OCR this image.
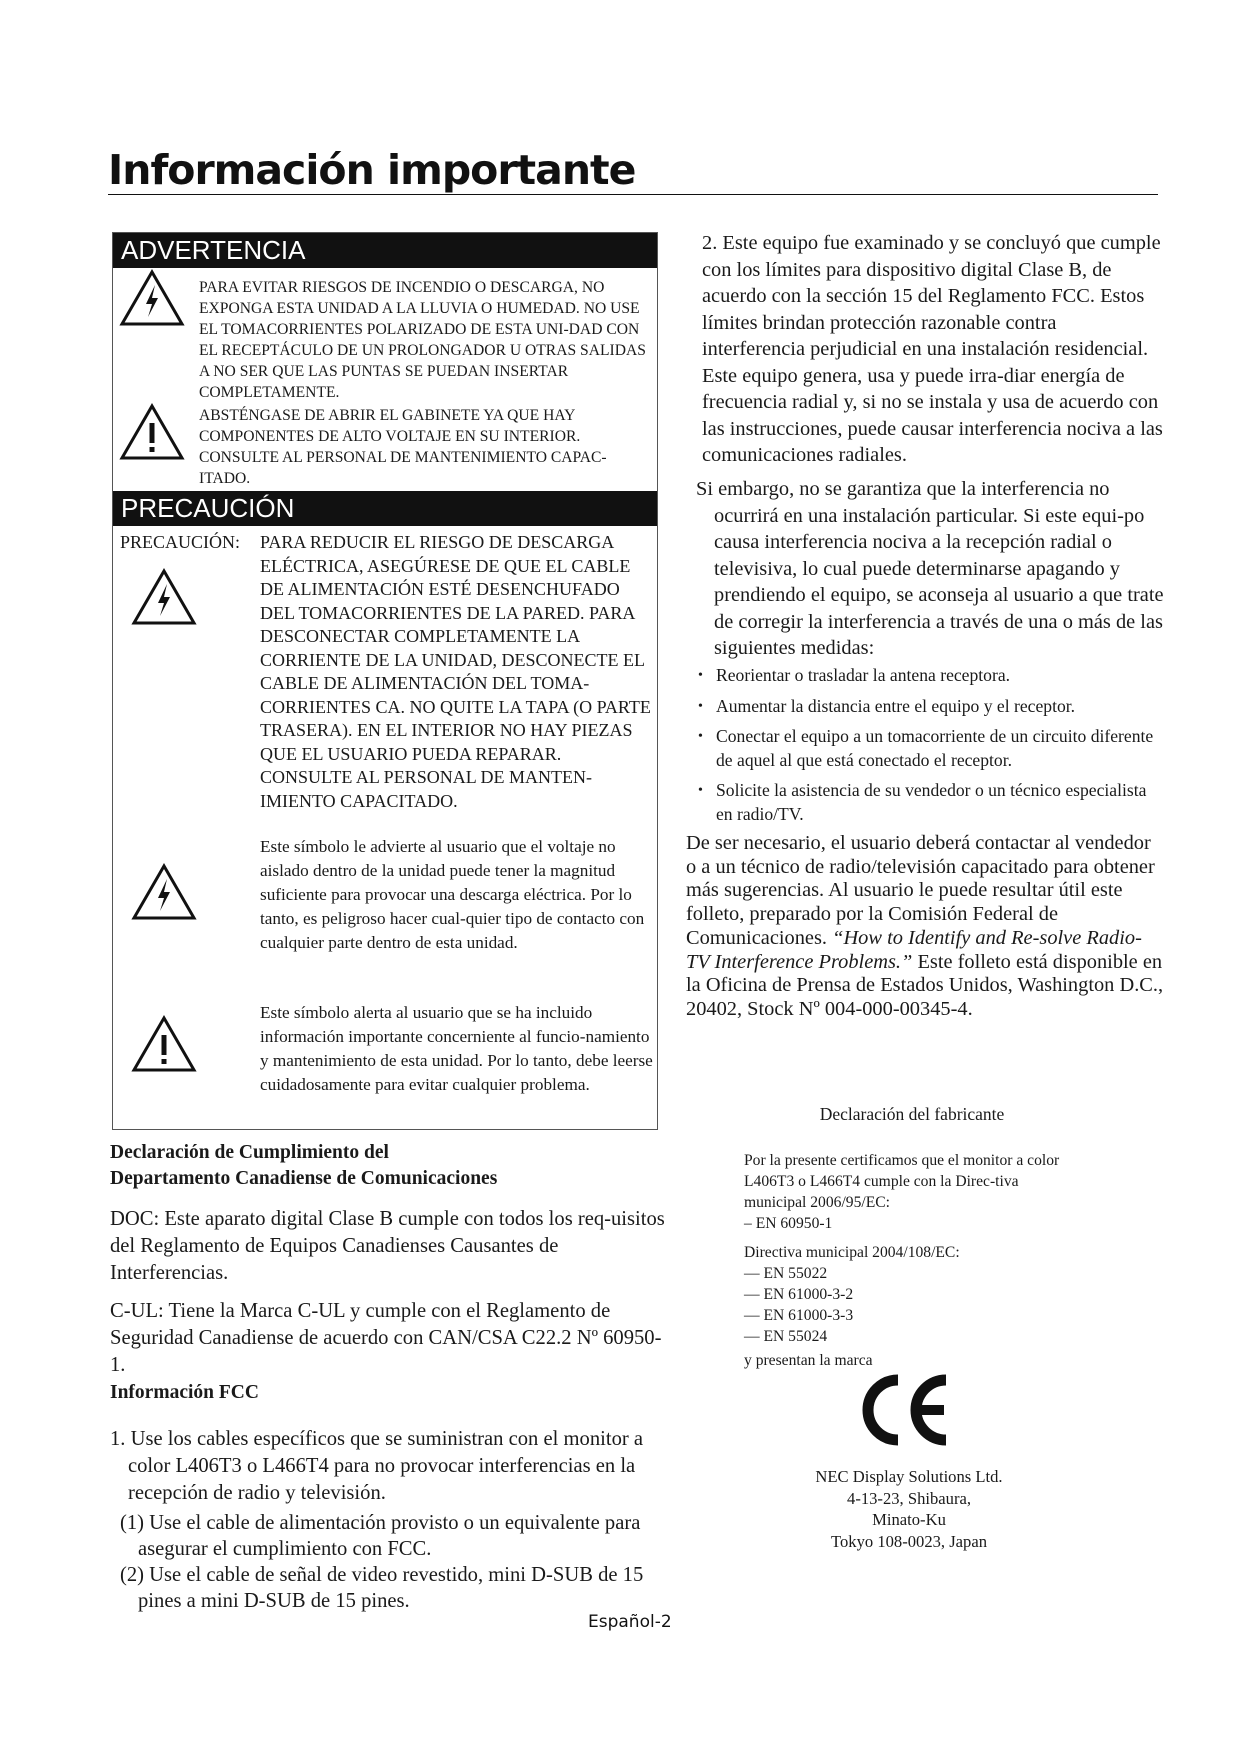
Información importante
ADVERTENCIA

PARA EVITAR RIESGOS DE INCENDIO O DESCARGA, NO EXPONGA ESTA UNIDAD A LA LLUVIA O HUMEDAD. NO USE EL TOMACORRIENTES POLARIZADO DE ESTA UNI-DAD CON EL RECEPTÁCULO DE UN PROLONGADOR U OTRAS SALIDAS A NO SER QUE LAS PUNTAS SE PUEDAN INSERTAR COMPLETAMENTE.

ABSTÉNGASE DE ABRIR EL GABINETE YA QUE HAY COMPONENTES DE ALTO VOLTAJE EN SU INTERIOR. CONSULTE AL PERSONAL DE MANTENIMIENTO CAPAC-ITADO.

PRECAUCIÓN

PRECAUCIÓN: PARA REDUCIR EL RIESGO DE DESCARGA ELÉCTRICA, ASEGÚRESE DE QUE EL CABLE DE ALIMENTACIÓN ESTÉ DESENCHUFADO DEL TOMACORRIENTES DE LA PARED. PARA DESCONECTAR COMPLETAMENTE LA CORRIENTE DE LA UNIDAD, DESCONECTE EL CABLE DE ALIMENTACIÓN DEL TOMA-CORRIENTES CA. NO QUITE LA TAPA (O PARTE TRASERA). EN EL INTERIOR NO HAY PIEZAS QUE EL USUARIO PUEDA REPARAR. CONSULTE AL PERSONAL DE MANTEN-IMIENTO CAPACITADO.

Este símbolo le advierte al usuario que el voltaje no aislado dentro de la unidad puede tener la magnitud suficiente para provocar una descarga eléctrica. Por lo tanto, es peligroso hacer cual-quier tipo de contacto con cualquier parte dentro de esta unidad.

Este símbolo alerta al usuario que se ha incluido información importante concerniente al funcio-namiento y mantenimiento de esta unidad. Por lo tanto, debe leerse cuidadosamente para evitar cualquier problema.

Declaración de Cumplimiento del
Departamento Canadiense de Comunicaciones

DOC: Este aparato digital Clase B cumple con todos los req-uisitos del Reglamento de Equipos Canadienses Causantes de Interferencias.

C-UL: Tiene la Marca C-UL y cumple con el Reglamento de Seguridad Canadiense de acuerdo con CAN/CSA C22.2 Nº 60950-1.

Información FCC

1. Use los cables específicos que se suministran con el monitor a color L406T3 o L466T4 para no provocar interferencias en la recepción de radio y televisión.

(1) Use el cable de alimentación provisto o un equivalente para asegurar el cumplimiento con FCC.

(2) Use el cable de señal de video revestido, mini D-SUB de 15 pines a mini D-SUB de 15 pines.

2. Este equipo fue examinado y se concluyó que cumple con los límites para dispositivo digital Clase B, de acuerdo con la sección 15 del Reglamento FCC. Estos límites brindan protección razonable contra interferencia perjudicial en una instalación residencial. Este equipo genera, usa y puede irra-diar energía de frecuencia radial y, si no se instala y usa de acuerdo con las instrucciones, puede causar interferencia nociva a las comunicaciones radiales.

Si embargo, no se garantiza que la interferencia no ocurrirá en una instalación particular. Si este equi-po causa interferencia nociva a la recepción radial o televisiva, lo cual puede determinarse apagando y prendiendo el equipo, se aconseja al usuario a que trate de corregir la interferencia a través de una o más de las siguientes medidas:

• Reorientar o trasladar la antena receptora.
• Aumentar la distancia entre el equipo y el receptor.
• Conectar el equipo a un tomacorriente de un circuito diferente de aquel al que está conectado el receptor.
• Solicite la asistencia de su vendedor o un técnico especialista en radio/TV.

De ser necesario, el usuario deberá contactar al vendedor o a un técnico de radio/televisión capacitado para obtener más sugerencias. Al usuario le puede resultar útil este folleto, preparado por la Comisión Federal de Comunicaciones. “How to Identify and Re-solve Radio-TV Interference Problems.” Este folleto está disponible en la Oficina de Prensa de Estados Unidos, Washington D.C., 20402, Stock Nº 004-000-00345-4.

Declaración del fabricante

Por la presente certificamos que el monitor a color L406T3 o L466T4 cumple con la Direc-tiva municipal 2006/95/EC:
– EN 60950-1

Directiva municipal 2004/108/EC:

— EN 55022
— EN 61000-3-2
— EN 61000-3-3
— EN 55024

y presentan la marca

NEC Display Solutions Ltd.
4-13-23, Shibaura,
Minato-Ku
Tokyo 108-0023, Japan

Español-2
